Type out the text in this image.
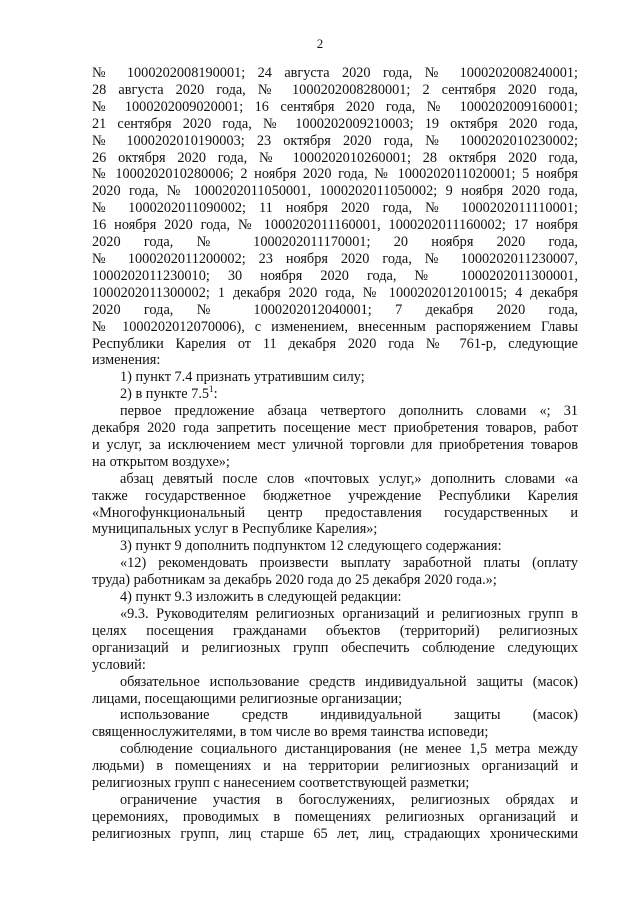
2
№ 1000202008190001; 24 августа 2020 года, № 1000202008240001;
28 августа 2020 года, № 1000202008280001; 2 сентября 2020 года,
№ 1000202009020001; 16 сентября 2020 года, № 1000202009160001;
21 сентября 2020 года, № 1000202009210003; 19 октября 2020 года,
№ 1000202010190003; 23 октября 2020 года, № 1000202010230002;
26 октября 2020 года, № 1000202010260001; 28 октября 2020 года,
№ 1000202010280006; 2 ноября 2020 года, № 1000202011020001; 5 ноября
2020 года, № 1000202011050001, 1000202011050002; 9 ноября 2020 года,
№ 1000202011090002; 11 ноября 2020 года, № 1000202011110001;
16 ноября 2020 года, № 1000202011160001, 1000202011160002; 17 ноября
2020 года, № 1000202011170001; 20 ноября 2020 года,
№ 1000202011200002; 23 ноября 2020 года, № 1000202011230007,
1000202011230010; 30 ноября 2020 года, № 1000202011300001,
1000202011300002; 1 декабря 2020 года, № 1000202012010015; 4 декабря
2020 года, № 1000202012040001; 7 декабря 2020 года,
№ 1000202012070006), с изменением, внесенным распоряжением Главы
Республики Карелия от 11 декабря 2020 года № 761-р, следующие
изменения:
1) пункт 7.4 признать утратившим силу;
2) в пункте $7.5^1$:
первое предложение абзаца четвертого дополнить словами «; 31
декабря 2020 года запретить посещение мест приобретения товаров, работ
и услуг, за исключением мест уличной торговли для приобретения товаров
на открытом воздухе»;
абзац девятый после слов «почтовых услуг,» дополнить словами «а
также государственное бюджетное учреждение Республики Карелия
«Многофункциональный центр предоставления государственных и
муниципальных услуг в Республике Карелия»;
3) пункт 9 дополнить подпунктом 12 следующего содержания:
«12) рекомендовать произвести выплату заработной платы (оплату
труда) работникам за декабрь 2020 года до 25 декабря 2020 года.»;
4) пункт 9.3 изложить в следующей редакции:
«9.3. Руководителям религиозных организаций и религиозных групп в
целях посещения гражданами объектов (территорий) религиозных
организаций и религиозных групп обеспечить соблюдение следующих
условий:
обязательное использование средств индивидуальной защиты (масок)
лицами, посещающими религиозные организации;
использование средств индивидуальной защиты (масок)
священнослужителями, в том числе во время таинства исповеди;
соблюдение социального дистанцирования (не менее 1,5 метра между
людьми) в помещениях и на территории религиозных организаций и
религиозных групп с нанесением соответствующей разметки;
ограничение участия в богослужениях, религиозных обрядах и
церемониях, проводимых в помещениях религиозных организаций и
религиозных групп, лиц старше 65 лет, лиц, страдающих хроническими
